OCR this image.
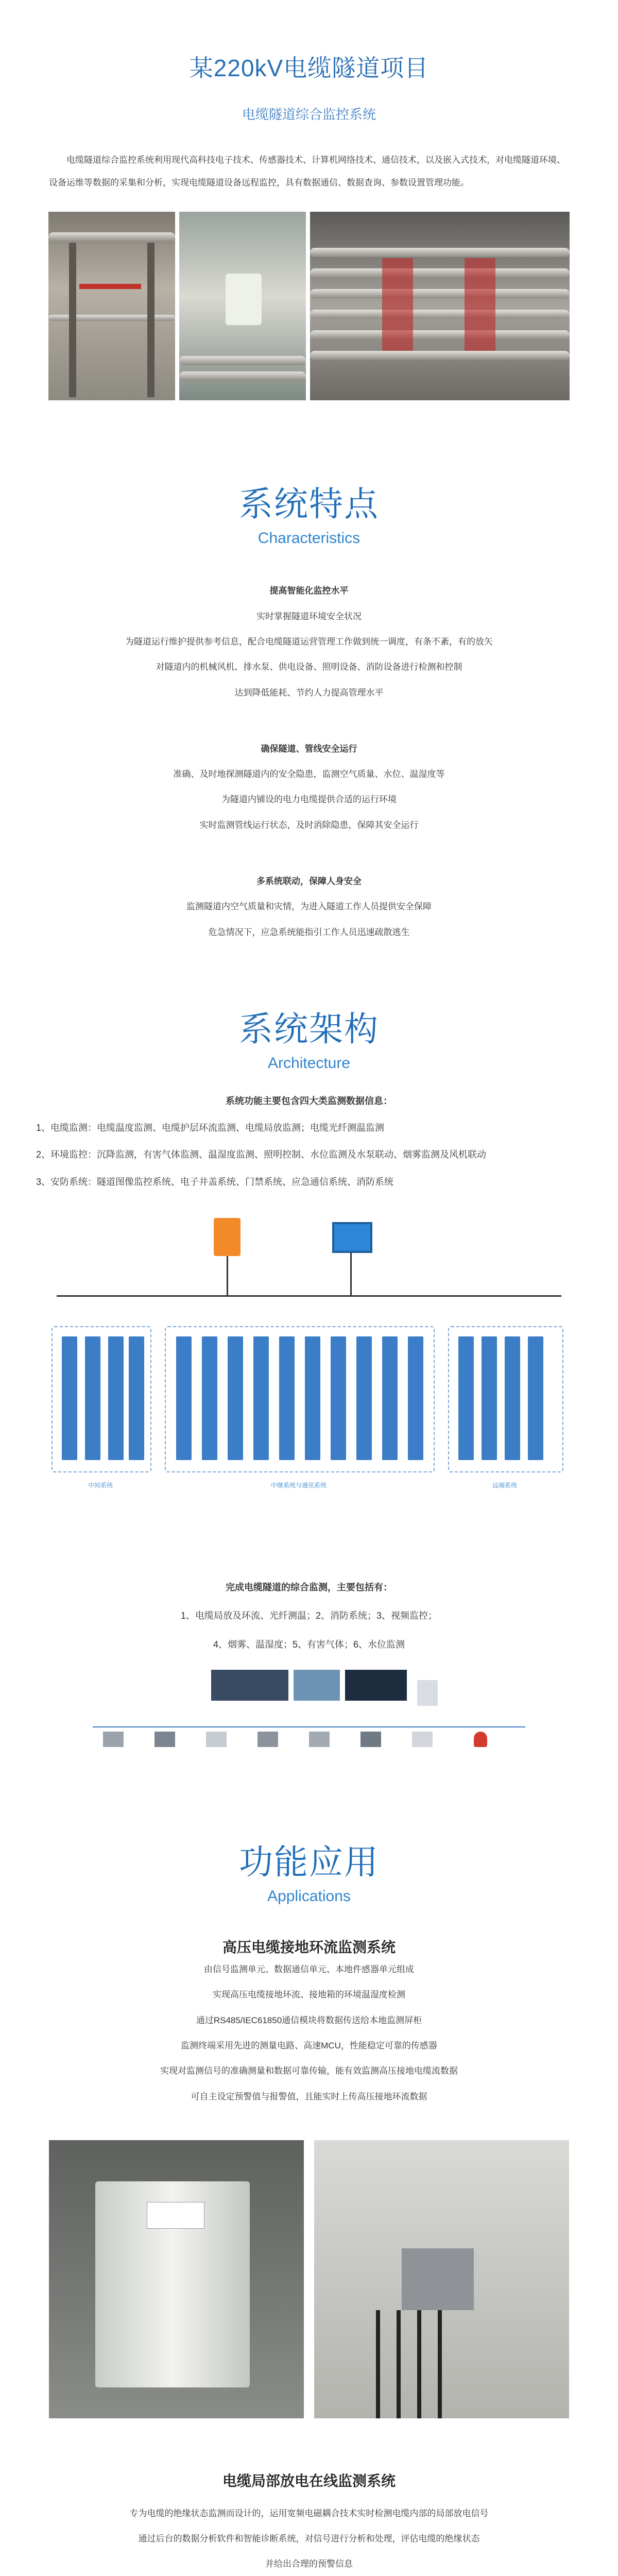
某220kV电缆隧道项目
电缆隧道综合监控系统
电缆隧道综合监控系统利用现代高科技电子技术、传感器技术、计算机网络技术、通信技术，以及嵌入式技术，对电缆隧道环境、设备运维等数据的采集和分析，实现电缆隧道设备远程监控，具有数据通信、数据查询、参数设置管理功能。
系统特点
Characteristics
提高智能化监控水平
实时掌握隧道环境安全状况
为隧道运行维护提供参考信息，配合电缆隧道运营管理工作做到统一调度，有条不紊，有的放矢
对隧道内的机械风机、排水泵、供电设备、照明设备、消防设备进行检测和控制
达到降低能耗、节约人力提高管理水平
确保隧道、管线安全运行
准确、及时地探测隧道内的安全隐患，监测空气质量、水位、温湿度等
为隧道内铺设的电力电缆提供合适的运行环境
实时监测管线运行状态，及时消除隐患，保障其安全运行
多系统联动，保障人身安全
监测隧道内空气质量和灾情，为进入隧道工作人员提供安全保障
危急情况下，应急系统能指引工作人员迅速疏散逃生
系统架构
Architecture
系统功能主要包含四大类监测数据信息：
1、电缆监测：电缆温度监测、电缆护层环流监测、电缆局放监测；电缆光纤测温监测
2、环境监控：沉降监测，有害气体监测、温湿度监测、照明控制、水位监测及水泵联动、烟雾监测及风机联动
3、安防系统：隧道图像监控系统、电子井盖系统、门禁系统、应急通信系统、消防系统
中间系统	中继系统与通讯系统	远端系统
完成电缆隧道的综合监测，主要包括有：
1、电缆局放及环流、光纤测温；2、消防系统；3、视频监控；
4、烟雾、温湿度；5、有害气体；6、水位监测
功能应用
Applications
高压电缆接地环流监测系统

由信号监测单元、数据通信单元、本地件感器单元组成

实现高压电缆接地环流、接地箱的环境温湿度检测

通过RS485/IEC61850通信模块将数据传送给本地监测屏柜

监测终端采用先进的测量电路、高速MCU，性能稳定可靠的传感器

实现对监测信号的准确测量和数据可靠传输，能有效监测高压接地电缆流数据

可自主设定预警值与报警值，且能实时上传高压接地环流数据

电缆局部放电在线监测系统

专为电缆的绝缘状态监测而设计的，运用宽频电磁耦合技术实时检测电缆内部的局部放电信号

通过后台的数据分析软件和智能诊断系统，对信号进行分析和处理，评估电缆的绝缘状态

并给出合理的预警信息
